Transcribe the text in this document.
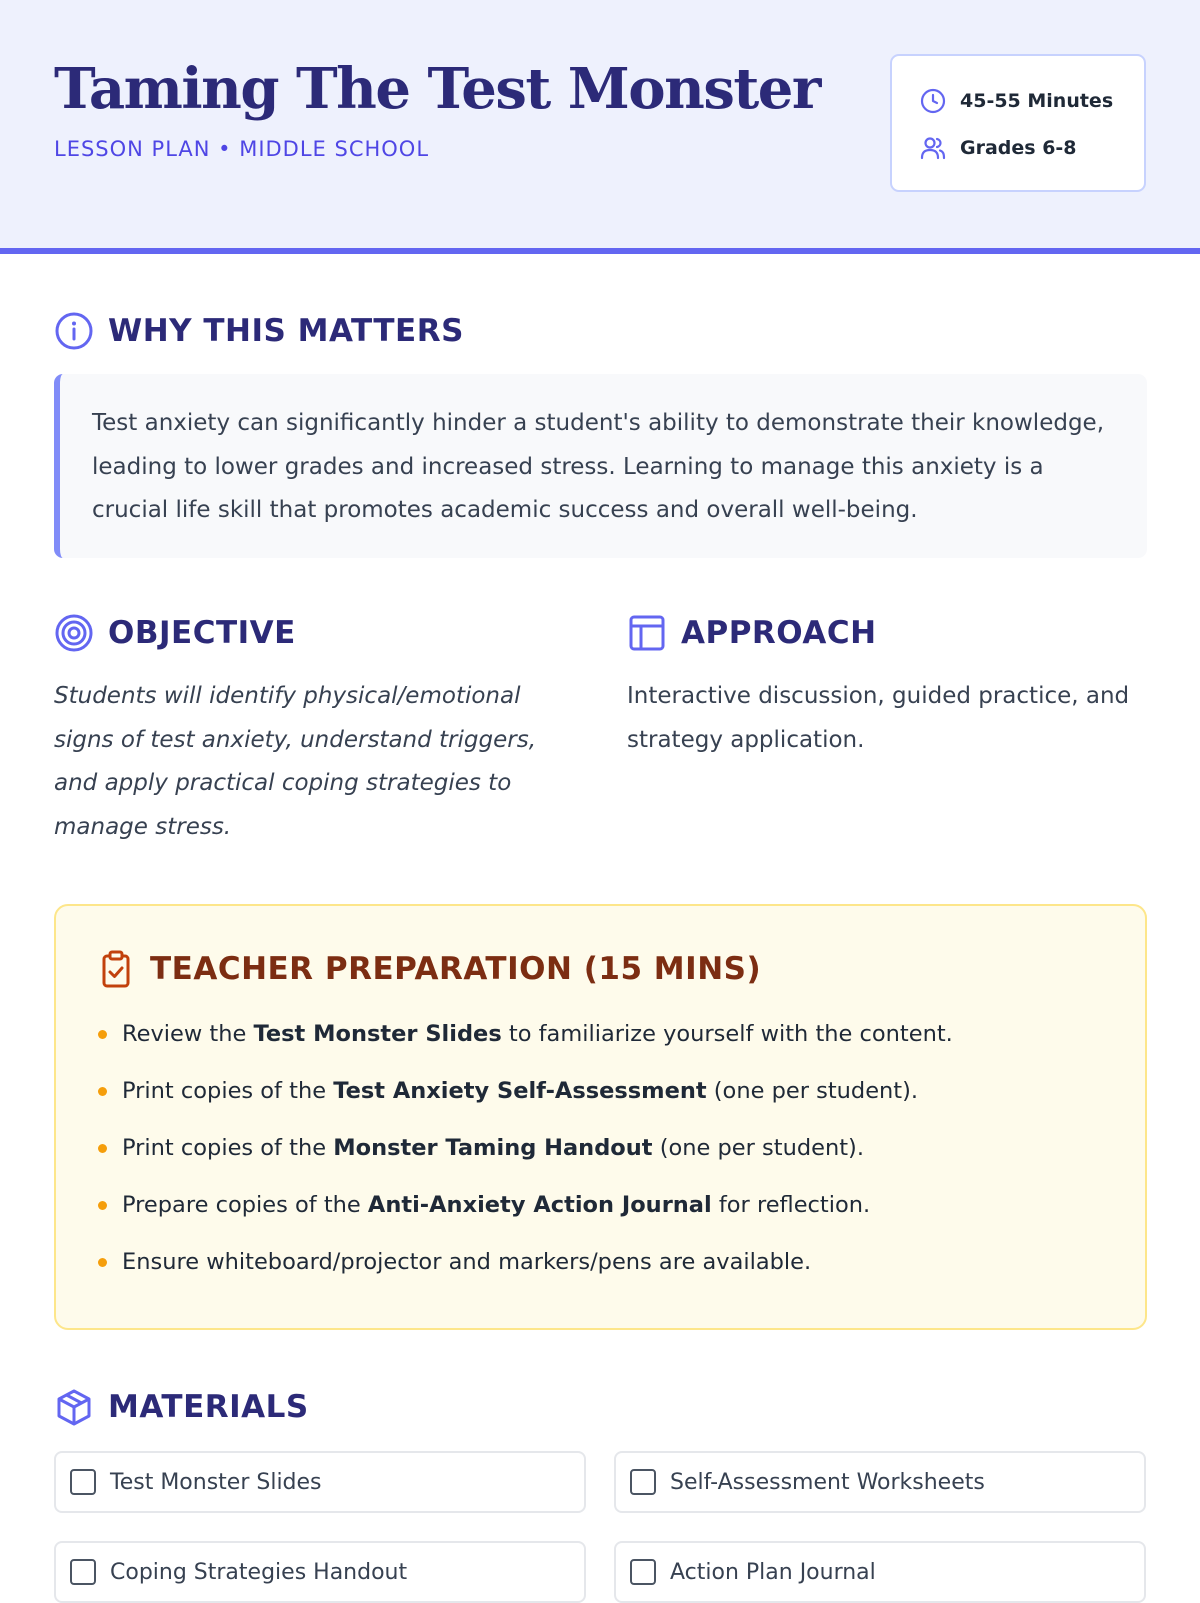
Taming The Test Monster
LESSON PLAN • MIDDLE SCHOOL
45-55 Minutes
Grades 6-8
WHY THIS MATTERS

Test anxiety can significantly hinder a student's ability to demonstrate their knowledge, leading to lower grades and increased stress. Learning to manage this anxiety is a crucial life skill that promotes academic success and overall well-being.

OBJECTIVE

Students will identify physical/emotional signs of test anxiety, understand triggers, and apply practical coping strategies to manage stress.

APPROACH

Interactive discussion, guided practice, and strategy application.

TEACHER PREPARATION (15 MINS)
Review the Test Monster Slides to familiarize yourself with the content.
Print copies of the Test Anxiety Self-Assessment (one per student).
Print copies of the Monster Taming Handout (one per student).
Prepare copies of the Anti-Anxiety Action Journal for reflection.
Ensure whiteboard/projector and markers/pens are available.
MATERIALS
Test Monster Slides	Self-Assessment Worksheets
Coping Strategies Handout	Action Plan Journal
